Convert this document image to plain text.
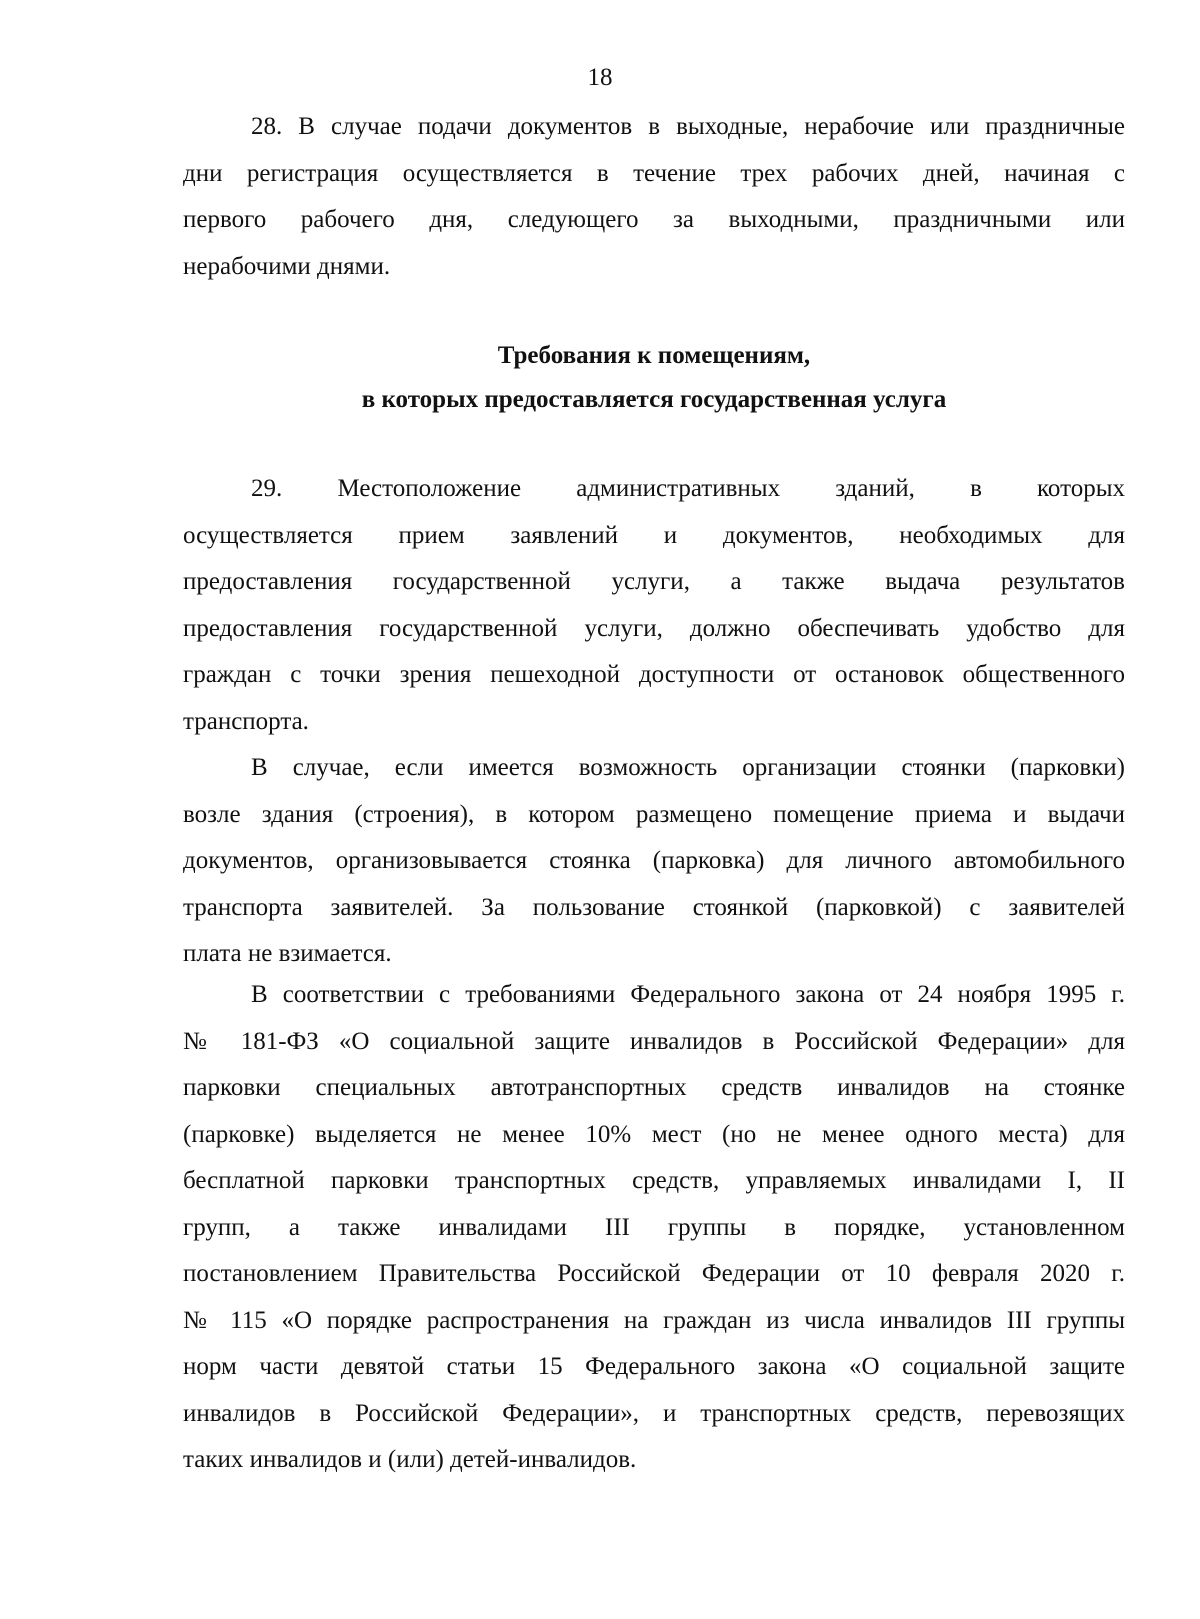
18
28. В случае подачи документов в выходные, нерабочие или праздничные
дни регистрация осуществляется в течение трех рабочих дней, начиная с
первого рабочего дня, следующего за выходными, праздничными или
нерабочими днями.
Требования к помещениям,
в которых предоставляется государственная услуга
29. Местоположение административных зданий, в которых
осуществляется прием заявлений и документов, необходимых для
предоставления государственной услуги, а также выдача результатов
предоставления государственной услуги, должно обеспечивать удобство для
граждан с точки зрения пешеходной доступности от остановок общественного
транспорта.
В случае, если имеется возможность организации стоянки (парковки)
возле здания (строения), в котором размещено помещение приема и выдачи
документов, организовывается стоянка (парковка) для личного автомобильного
транспорта заявителей. За пользование стоянкой (парковкой) с заявителей
плата не взимается.
В соответствии с требованиями Федерального закона от 24 ноября 1995 г.
№ 181-ФЗ «О социальной защите инвалидов в Российской Федерации» для
парковки специальных автотранспортных средств инвалидов на стоянке
(парковке) выделяется не менее 10% мест (но не менее одного места) для
бесплатной парковки транспортных средств, управляемых инвалидами I, II
групп, а также инвалидами III группы в порядке, установленном
постановлением Правительства Российской Федерации от 10 февраля 2020 г.
№ 115 «О порядке распространения на граждан из числа инвалидов III группы
норм части девятой статьи 15 Федерального закона «О социальной защите
инвалидов в Российской Федерации», и транспортных средств, перевозящих
таких инвалидов и (или) детей-инвалидов.
